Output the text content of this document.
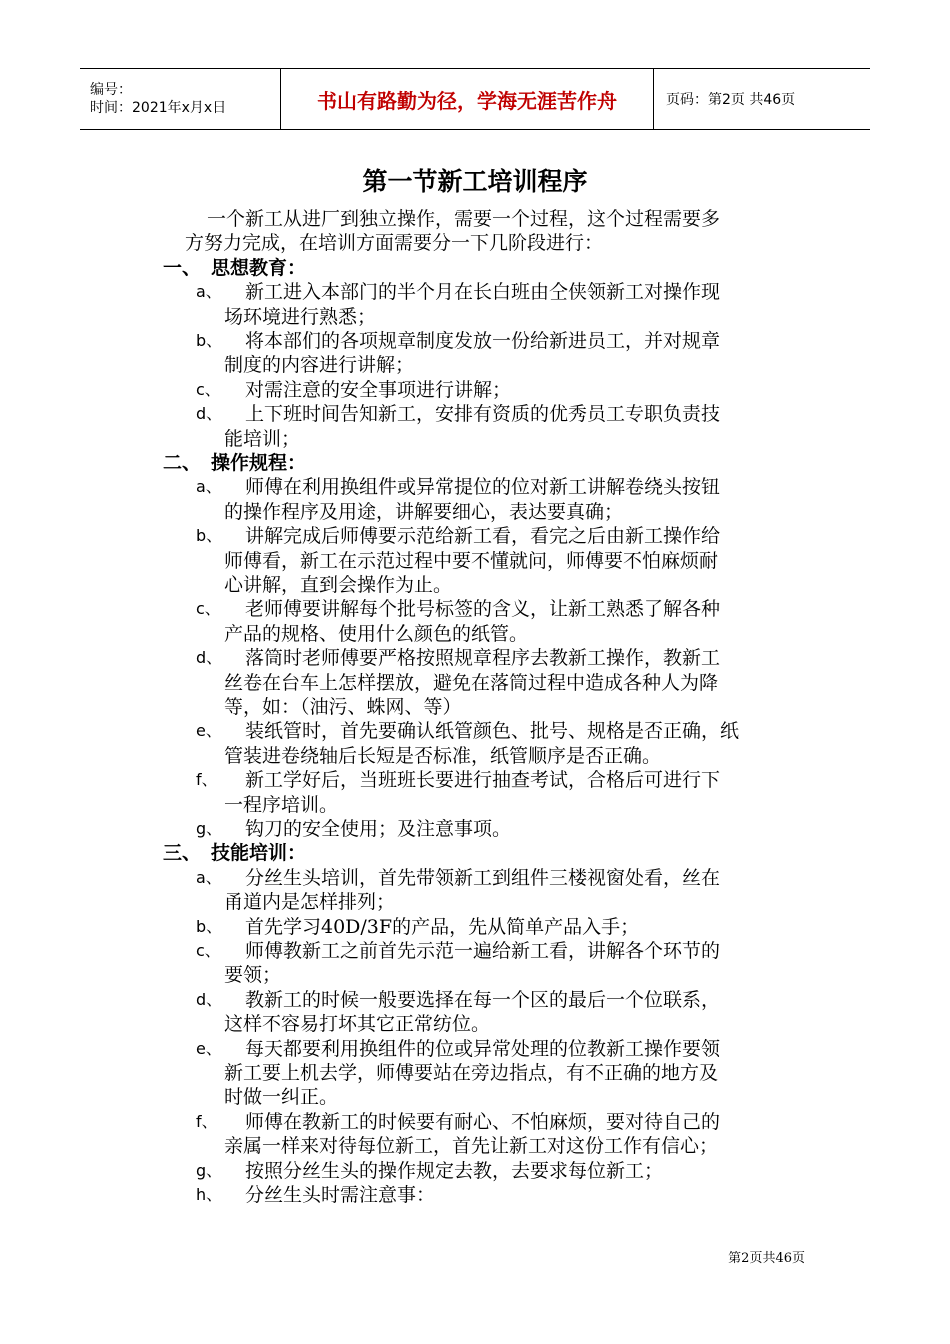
编号：
时间：2021年x月x日	书山有路勤为径，学海无涯苦作舟	页码：第2页 共46页
第一节新工培训程序
一个新工从进厂到独立操作，需要一个过程，这个过程需要多
方努力完成，在培训方面需要分一下几阶段进行：
一、 思想教育：
a、	新工进入本部门的半个月在长白班由仝侠领新工对操作现
场环境进行熟悉；
b、	将本部们的各项规章制度发放一份给新进员工，并对规章
制度的内容进行讲解；
c、	对需注意的安全事项进行讲解；
d、	上下班时间告知新工，安排有资质的优秀员工专职负责技
能培训；
二、 操作规程：
a、	师傅在利用换组件或异常提位的位对新工讲解卷绕头按钮
的操作程序及用途，讲解要细心，表达要真确；
b、	讲解完成后师傅要示范给新工看，看完之后由新工操作给
师傅看，新工在示范过程中要不懂就问，师傅要不怕麻烦耐
心讲解，直到会操作为止。
c、	老师傅要讲解每个批号标签的含义，让新工熟悉了解各种
产品的规格、使用什么颜色的纸管。
d、	落筒时老师傅要严格按照规章程序去教新工操作，教新工
丝卷在台车上怎样摆放，避免在落筒过程中造成各种人为降
等，如：（油污、蛛网、等）
e、	装纸管时，首先要确认纸管颜色、批号、规格是否正确，纸
管装进卷绕轴后长短是否标准，纸管顺序是否正确。
f、	新工学好后，当班班长要进行抽查考试，合格后可进行下
一程序培训。
g、	钩刀的安全使用；及注意事项。
三、 技能培训：
a、	分丝生头培训，首先带领新工到组件三楼视窗处看，丝在
甬道内是怎样排列；
b、	首先学习40D/3F的产品，先从简单产品入手；
c、	师傅教新工之前首先示范一遍给新工看，讲解各个环节的
要领；
d、	教新工的时候一般要选择在每一个区的最后一个位联系，
这样不容易打坏其它正常纺位。
e、	每天都要利用换组件的位或异常处理的位教新工操作要领
新工要上机去学，师傅要站在旁边指点，有不正确的地方及
时做一纠正。
f、	师傅在教新工的时候要有耐心、不怕麻烦，要对待自己的
亲属一样来对待每位新工，首先让新工对这份工作有信心；
g、	按照分丝生头的操作规定去教，去要求每位新工；
h、	分丝生头时需注意事：
第2页共46页
